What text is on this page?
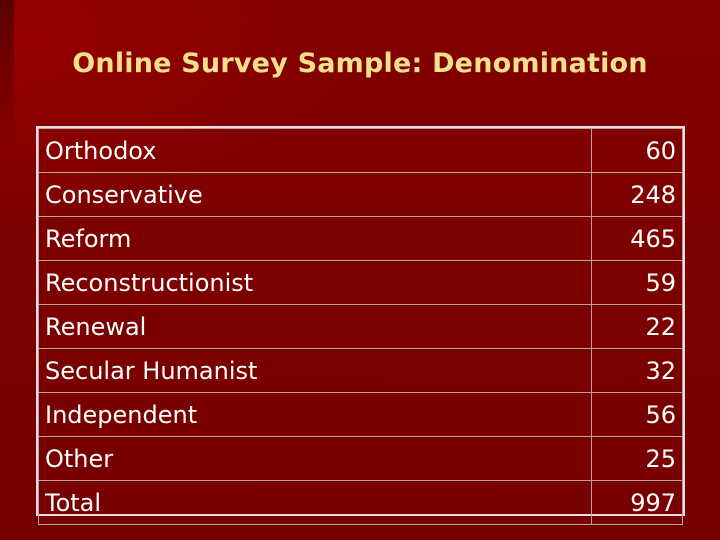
Online Survey Sample: Denomination
Orthodox	60
Conservative	248
Reform	465
Reconstructionist	59
Renewal	22
Secular Humanist	32
Independent	56
Other	25
Total	997
